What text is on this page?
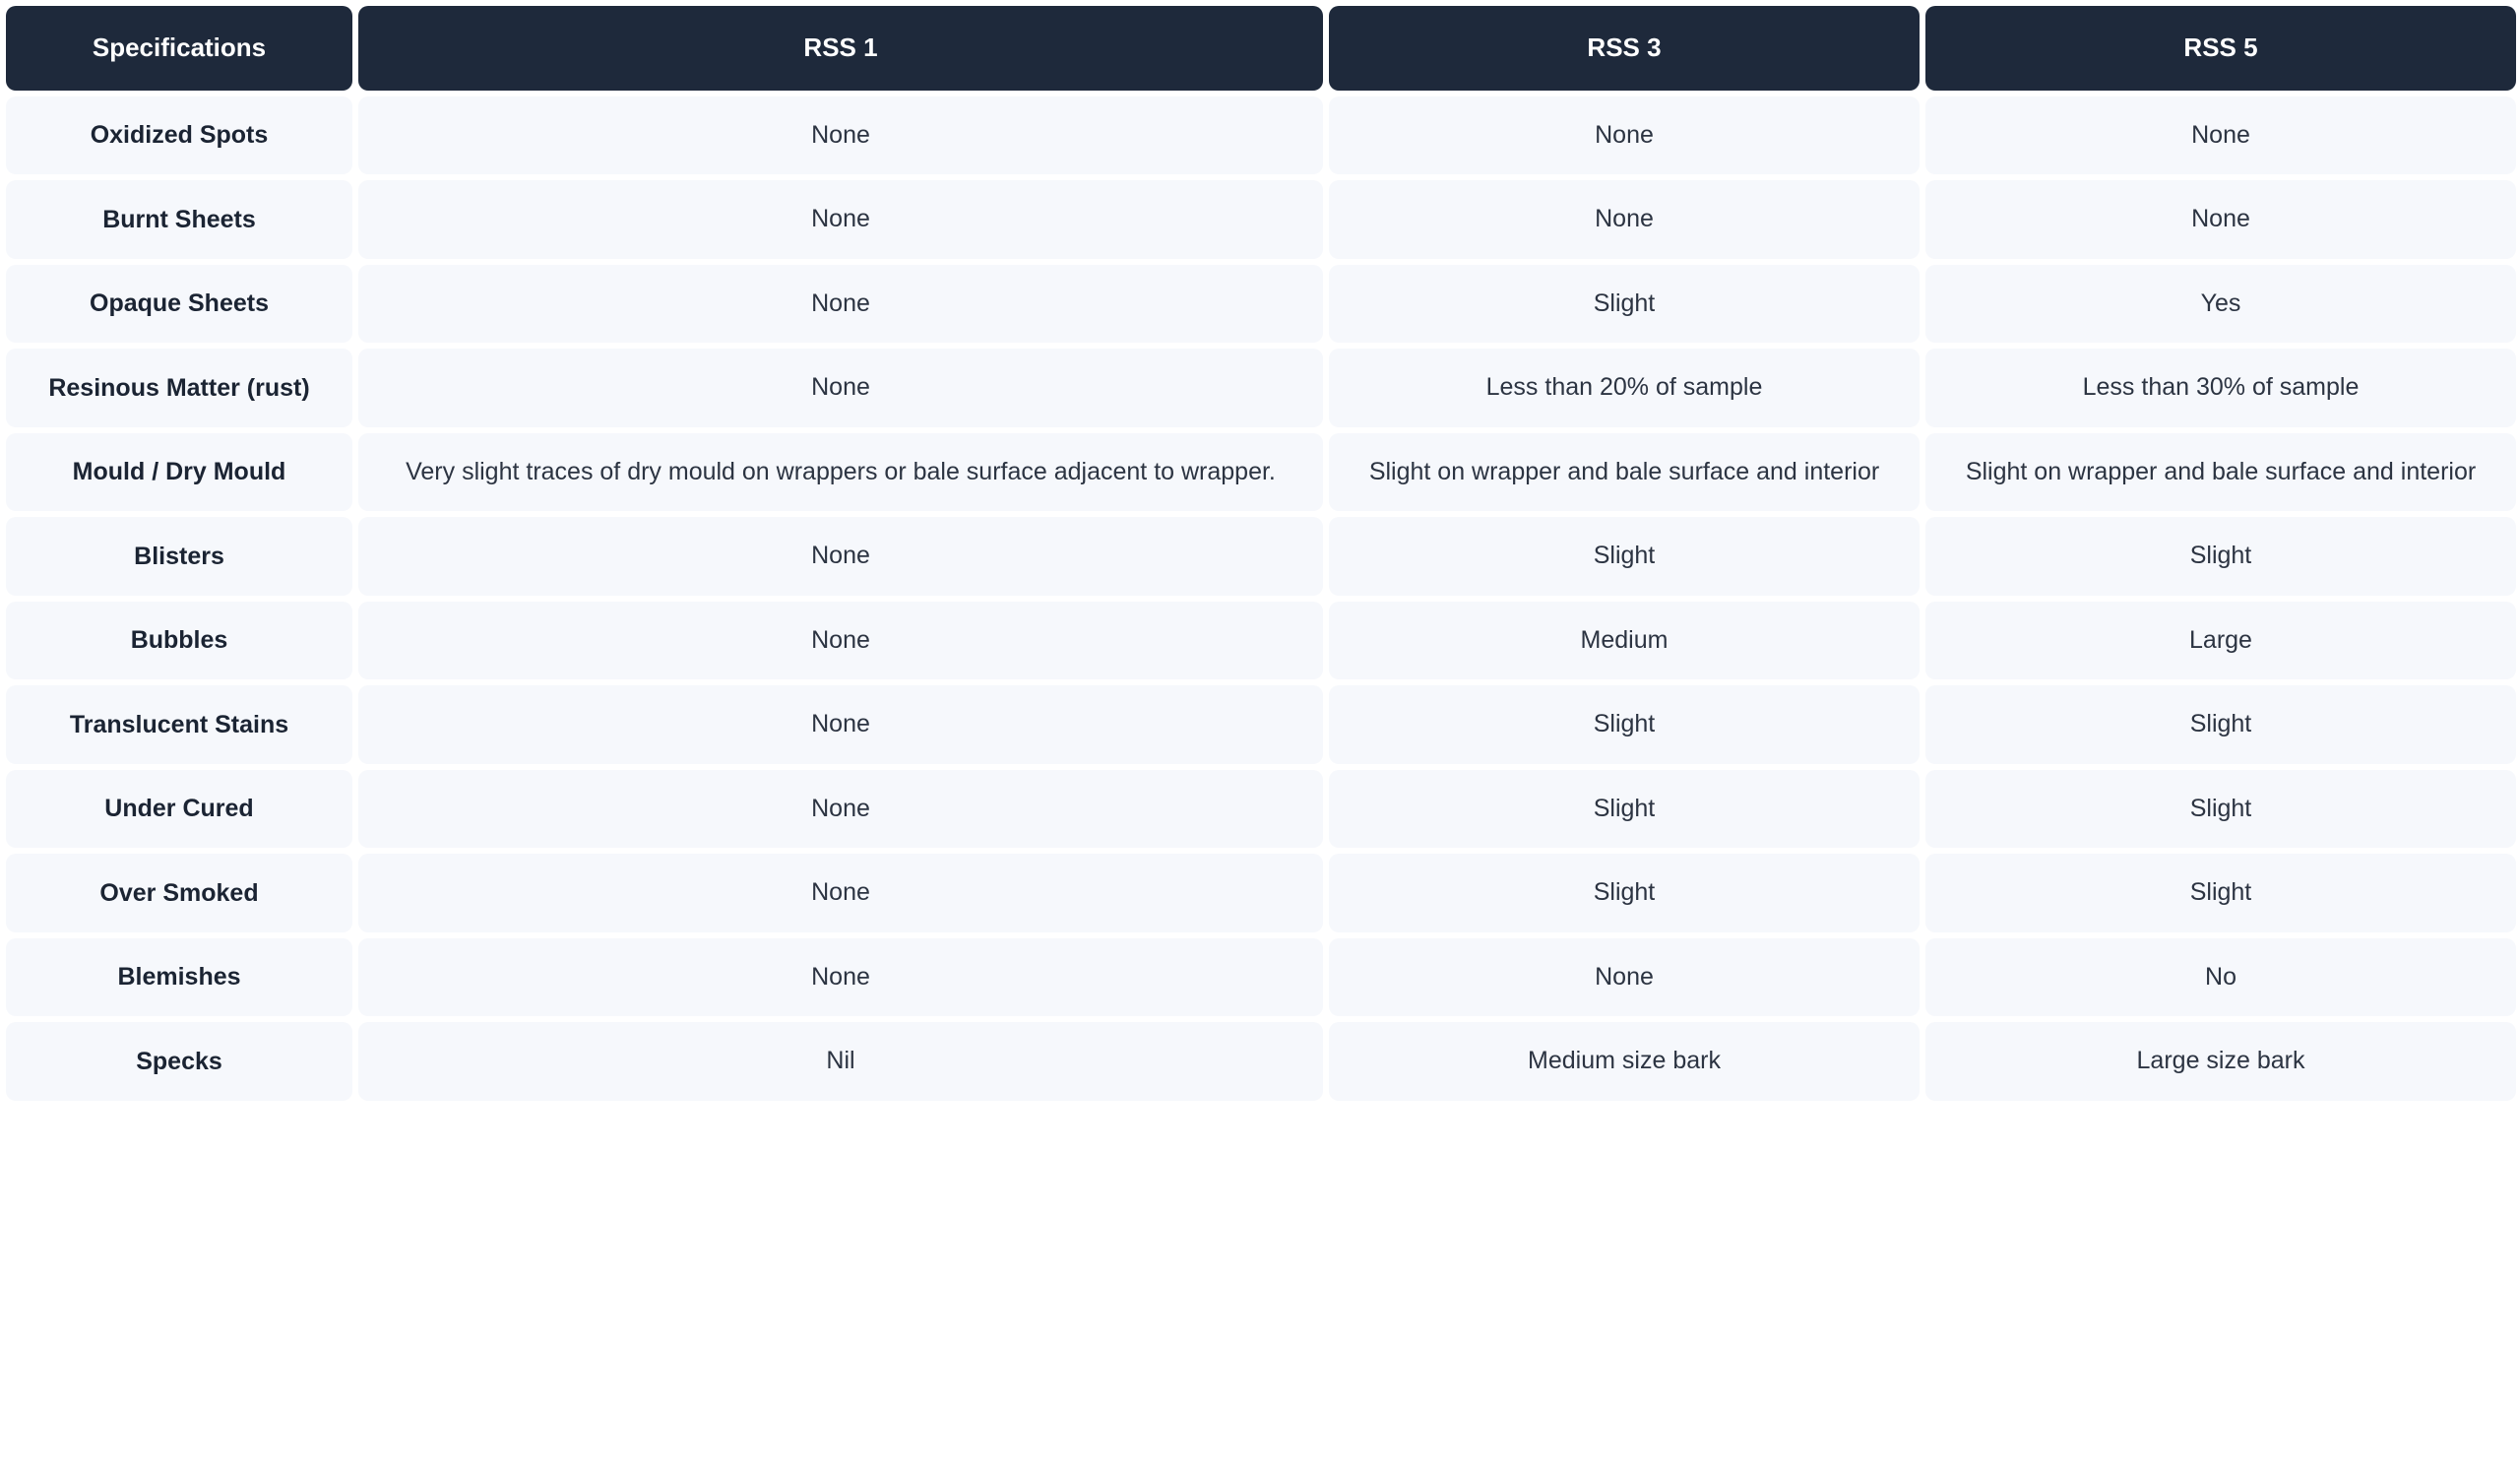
Specifications	RSS 1	RSS 3	RSS 5
Oxidized Spots	None	None	None
Burnt Sheets	None	None	None
Opaque Sheets	None	Slight	Yes
Resinous Matter (rust)	None	Less than 20% of sample	Less than 30% of sample
Mould / Dry Mould	Very slight traces of dry mould on wrappers or bale surface adjacent to wrapper.	Slight on wrapper and bale surface and interior	Slight on wrapper and bale surface and interior
Blisters	None	Slight	Slight
Bubbles	None	Medium	Large
Translucent Stains	None	Slight	Slight
Under Cured	None	Slight	Slight
Over Smoked	None	Slight	Slight
Blemishes	None	None	No
Specks	Nil	Medium size bark	Large size bark
